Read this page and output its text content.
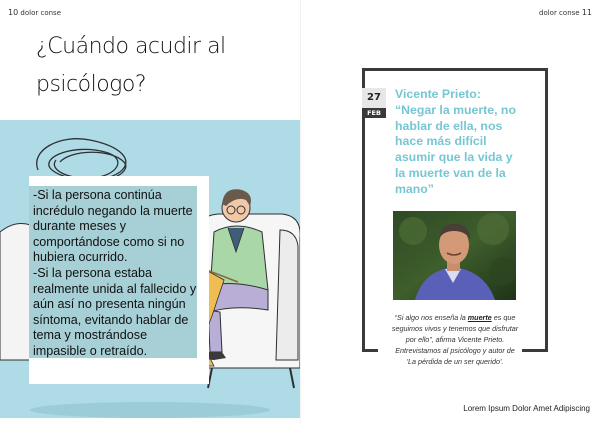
10 dolor conse	dolor conse 11
¿Cuándo acudir al
psicólogo?
-Si la persona continúa incrédulo negando la muerte durante meses y comportándose como si no hubiera ocurrido.
-Si la persona estaba realmente unida al fallecido y aún así no presenta ningún síntoma, evitando hablar de tema y mostrándose impasible o retraído.
27
FEB
Vicente Prieto:
“Negar la muerte, no hablar de ella, nos hace más difícil asumir que la vida y la muerte van de la mano”
“Si algo nos enseña la muerte es que seguimos vivos y tenemos que disfrutar por ello”, afirma Vicente Prieto. Entrevistamos al psicólogo y autor de 'La pérdida de un ser querido'.
Lorem Ipsum Dolor Amet Adipiscing
